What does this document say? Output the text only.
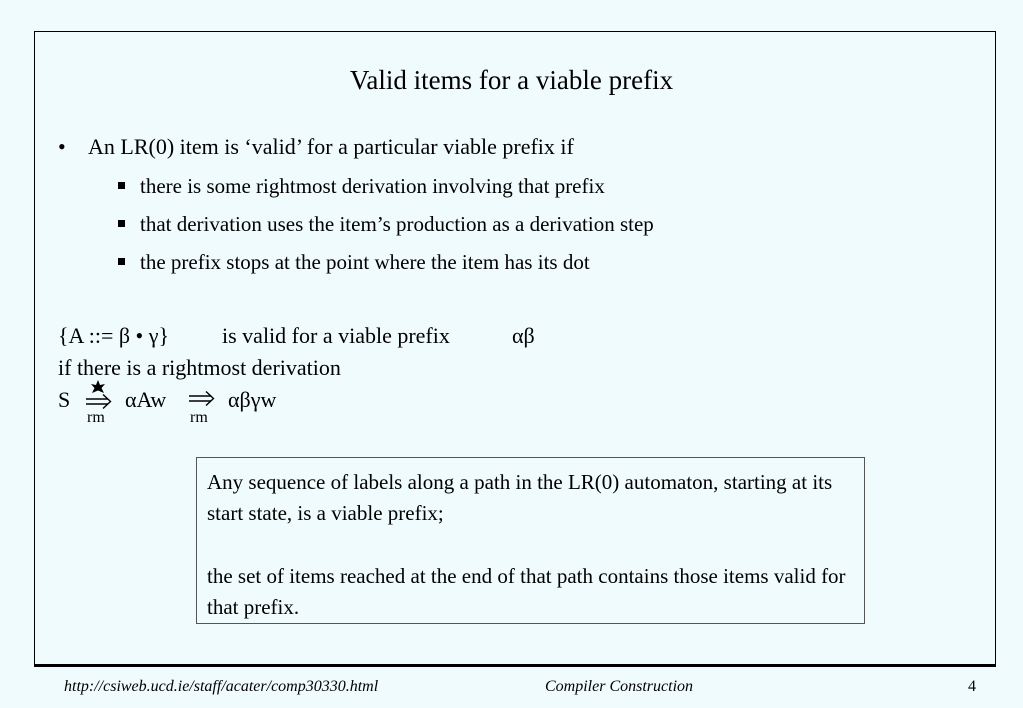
Valid items for a viable prefix
• An LR(0) item is ‘valid’ for a particular viable prefix if
there is some rightmost derivation involving that prefix
that derivation uses the item’s production as a derivation step
the prefix stops at the point where the item has its dot
{A ::= β • γ} is valid for a viable prefix	αβ
if there is a rightmost derivation
S
rm
αAw
rm
αβγw

Any sequence of labels along a path in the LR(0) automaton, starting at its start state, is a viable prefix;

the set of items reached at the end of that path contains those items valid for that prefix.

http://csiweb.ucd.ie/staff/acater/comp30330.html	Compiler Construction	4
